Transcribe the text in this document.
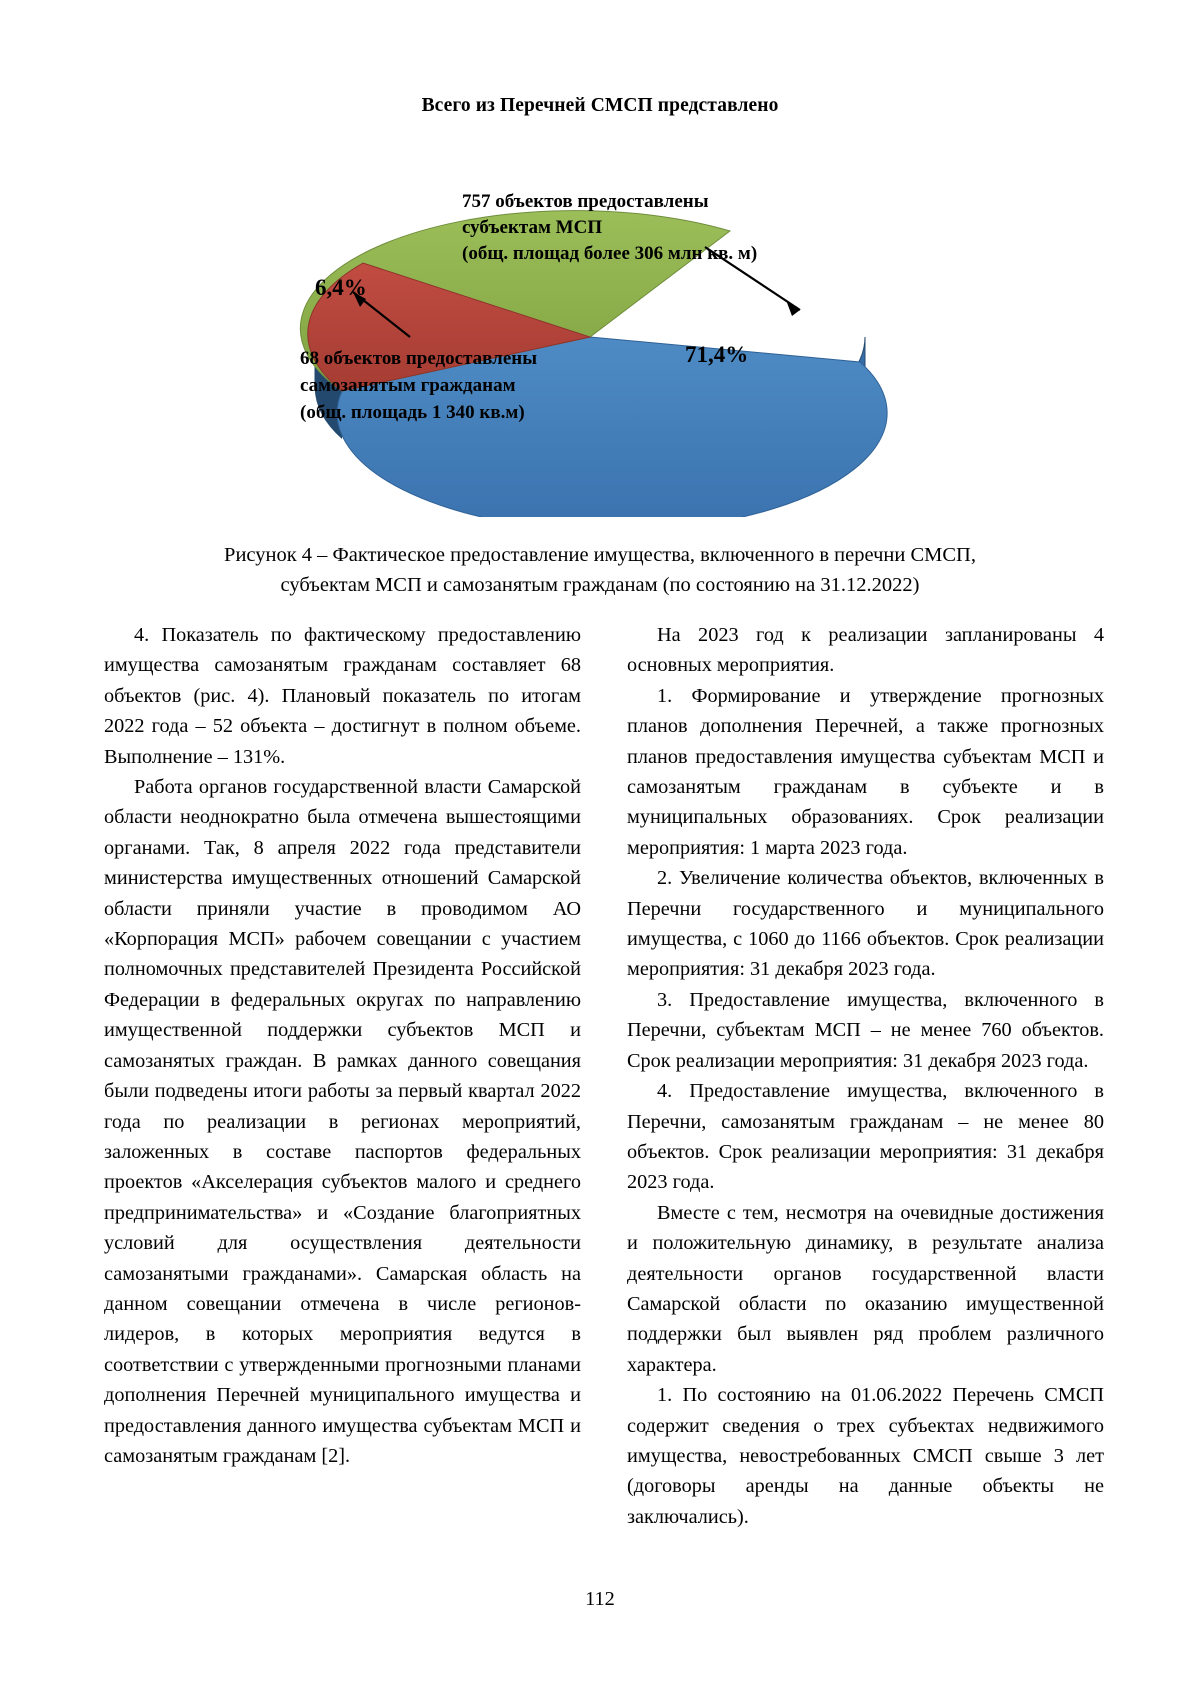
Всего из Перечней СМСП представлено
757 объектов предоставлены
субъектам МСП
(общ. площад более 306 млн кв. м)
6,4%
71,4%
68 объектов предоставлены
самозанятым гражданам
(общ. площадь 1 340 кв.м)
Рисунок 4 – Фактическое предоставление имущества, включенного в перечни СМСП,
субъектам МСП и самозанятым гражданам (по состоянию на 31.12.2022)

4. Показатель по фактическому предоставлению имущества самозанятым гражданам составляет 68 объектов (рис. 4). Плановый показатель по итогам 2022 года – 52 объекта – достигнут в полном объеме. Выполнение – 131%.

Работа органов государственной власти Самарской области неоднократно была отмечена вышестоящими органами. Так, 8 апреля 2022 года представители министерства имущественных отношений Самарской области приняли участие в проводимом АО «Корпорация МСП» рабочем совещании с участием полномочных представителей Президента Российской Федерации в федеральных округах по направлению имущественной поддержки субъектов МСП и самозанятых граждан. В рамках данного совещания были подведены итоги работы за первый квартал 2022 года по реализации в регионах мероприятий, заложенных в составе паспортов федеральных проектов «Акселерация субъектов малого и среднего предпринимательства» и «Создание благоприятных условий для осуществления деятельности самозанятыми гражданами». Самарская область на данном совещании отмечена в числе регионов-лидеров, в которых мероприятия ведутся в соответствии с утвержденными прогнозными планами дополнения Перечней муниципального имущества и предоставления данного имущества субъектам МСП и самозанятым гражданам [2].

На 2023 год к реализации запланированы 4 основных мероприятия.

1. Формирование и утверждение прогнозных планов дополнения Перечней, а также прогнозных планов предоставления имущества субъектам МСП и самозанятым гражданам в субъекте и в муниципальных образованиях. Срок реализации мероприятия: 1 марта 2023 года.

2. Увеличение количества объектов, включенных в Перечни государственного и муниципального имущества, с 1060 до 1166 объектов. Срок реализации мероприятия: 31 декабря 2023 года.

3. Предоставление имущества, включенного в Перечни, субъектам МСП – не менее 760 объектов. Срок реализации мероприятия: 31 декабря 2023 года.

4. Предоставление имущества, включенного в Перечни, самозанятым гражданам – не менее 80 объектов. Срок реализации мероприятия: 31 декабря 2023 года.

Вместе с тем, несмотря на очевидные достижения и положительную динамику, в результате анализа деятельности органов государственной власти Самарской области по оказанию имущественной поддержки был выявлен ряд проблем различного характера.

1. По состоянию на 01.06.2022 Перечень СМСП содержит сведения о трех субъектах недвижимого имущества, невостребованных СМСП свыше 3 лет (договоры аренды на данные объекты не заключались).

112
